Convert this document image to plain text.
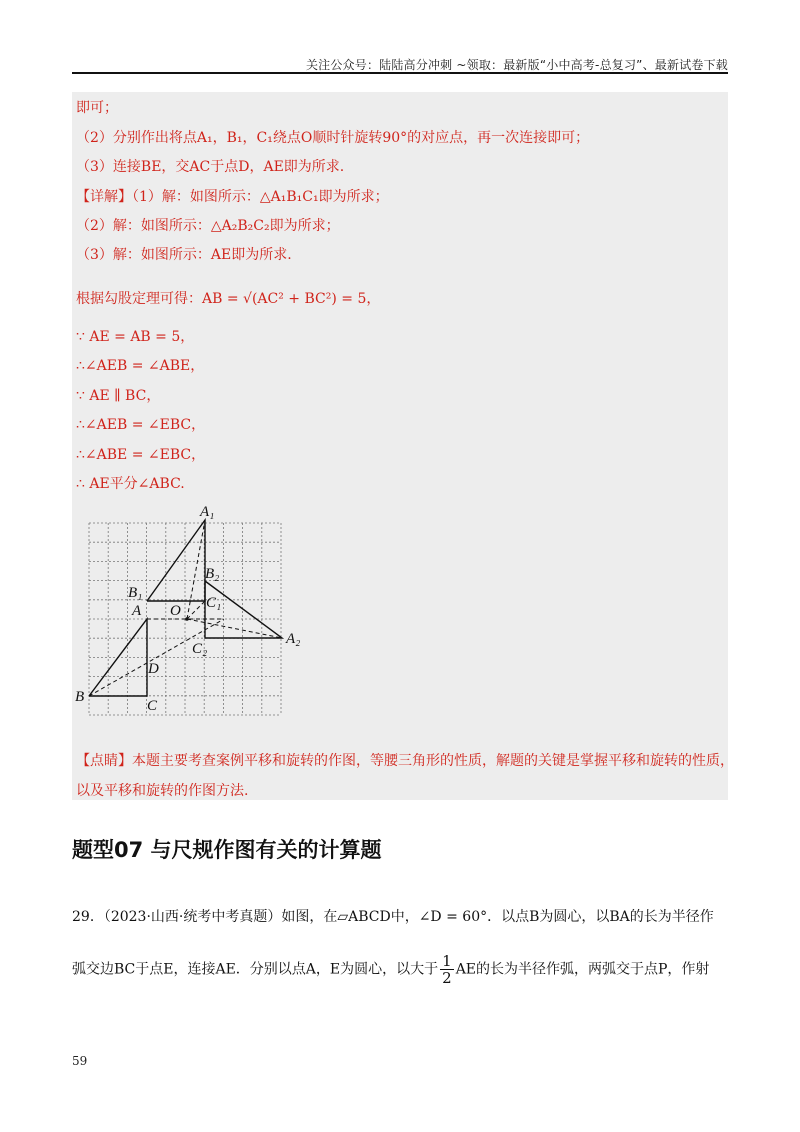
关注公众号：陆陆高分冲刺 ~领取：最新版“小中高考-总复习”、最新试卷下载
即可；
（2）分别作出将点A₁，B₁，C₁绕点O顺时针旋转90°的对应点，再一次连接即可；
（3）连接BE，交AC于点D，AE即为所求.
【详解】（1）解：如图所示：△A₁B₁C₁即为所求；
（2）解：如图所示：△A₂B₂C₂即为所求；
（3）解：如图所示：AE即为所求.
根据勾股定理可得：AB = √(AC² + BC²) = 5，
∵ AE = AB = 5，
∴∠AEB = ∠ABE，
∵ AE ∥ BC，
∴∠AEB = ∠EBC，
∴∠ABE = ∠EBC，
∴ AE平分∠ABC.
A₁
B₁
C₁
B₂
A₂
C₂
O
A
B
C
D
【点睛】本题主要考查案例平移和旋转的作图，等腰三角形的性质，解题的关键是掌握平移和旋转的性质，
以及平移和旋转的作图方法.
题型07 与尺规作图有关的计算题
29．（2023·山西·统考中考真题）如图，在▱ABCD中，∠D = 60°．以点B为圆心，以BA的长为半径作
弧交边BC于点E，连接AE．分别以点A，E为圆心，以大于 $\frac{1}{2}$ AE的长为半径作弧，两弧交于点P，作射
59
